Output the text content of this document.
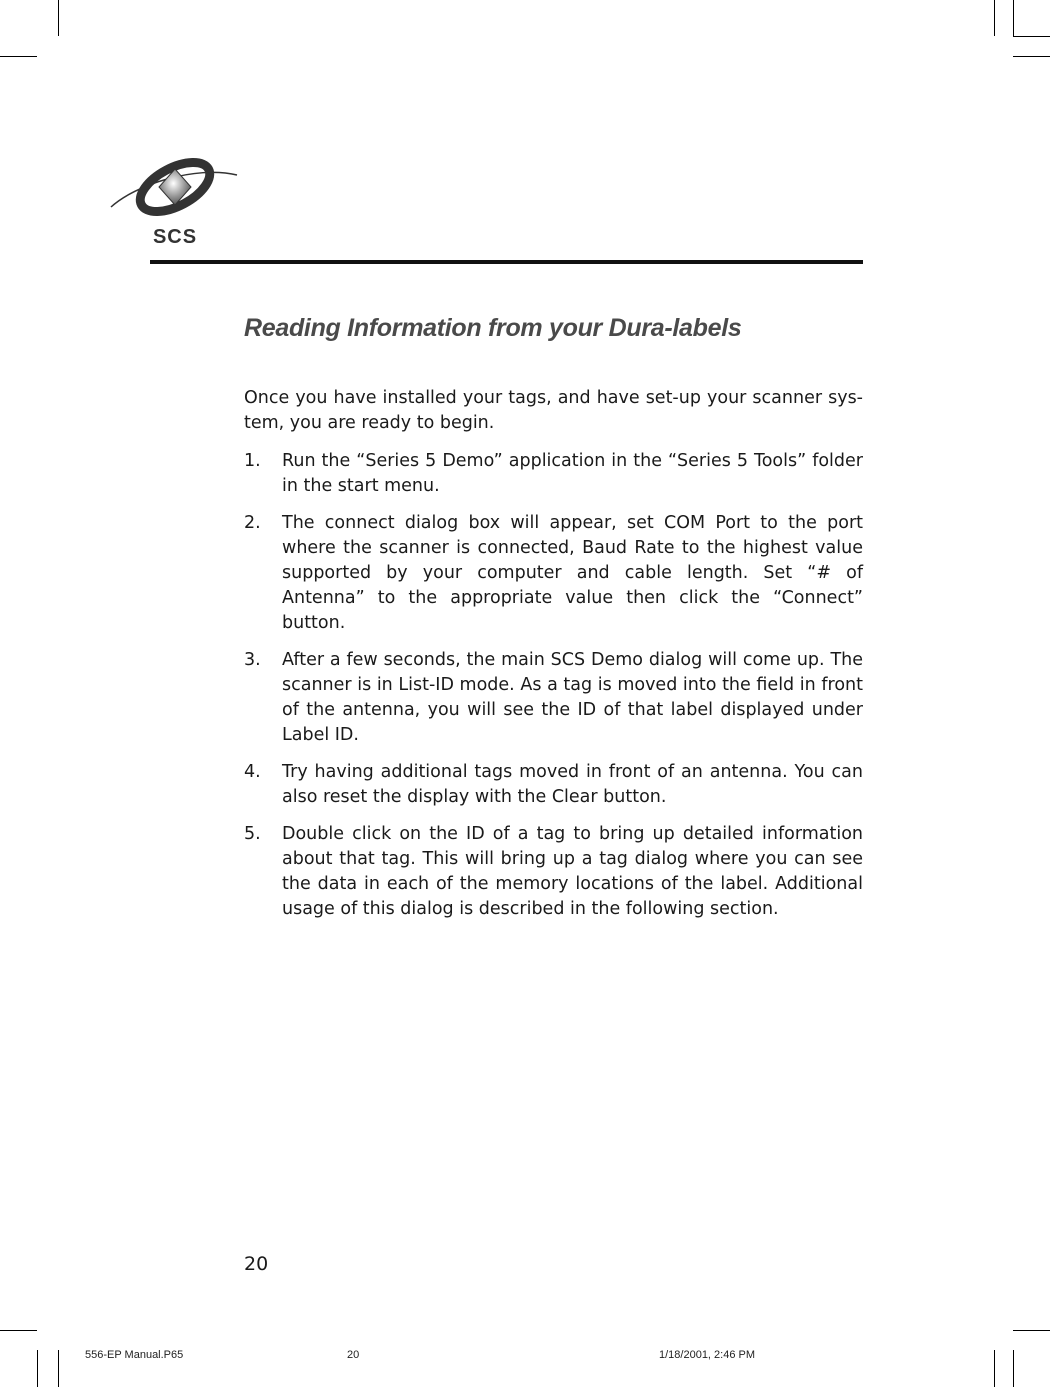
SCS
Reading Information from your Dura-labels

Once you have installed your tags, and have set-up your scanner sys-tem, you are ready to begin.

1.	Run the “Series 5 Demo” application in the “Series 5 Tools” folder in the start menu.
2.	The connect dialog box will appear, set COM Port to the port where the scanner is connected, Baud Rate to the highest value supported by your computer and cable length. Set “# of Antenna” to the appropriate value then click the “Connect” button.
3.	After a few seconds, the main SCS Demo dialog will come up. The scanner is in List-ID mode. As a tag is moved into the field in front of the antenna, you will see the ID of that label displayed under Label ID.
4.	Try having additional tags moved in front of an antenna. You can also reset the display with the Clear button.
5.	Double click on the ID of a tag to bring up detailed information about that tag. This will bring up a tag dialog where you can see the data in each of the memory locations of the label. Additional usage of this dialog is described in the following section.
20
556-EP Manual.P65	20	1/18/2001, 2:46 PM
